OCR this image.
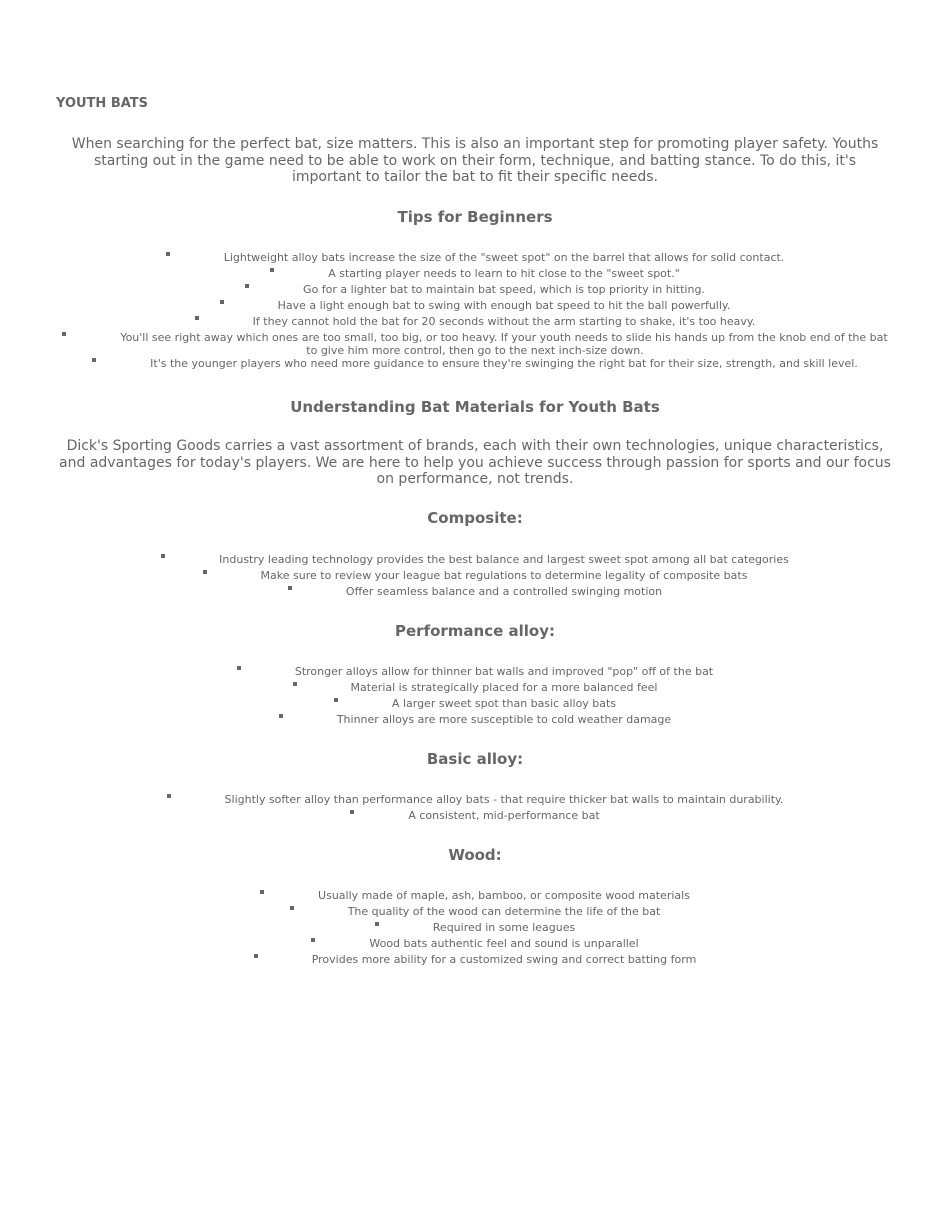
YOUTH BATS

When searching for the perfect bat, size matters. This is also an important step for promoting player safety. Youths starting out in the game need to be able to work on their form, technique, and batting stance. To do this, it's important to tailor the bat to fit their specific needs.

Tips for Beginners
Lightweight alloy bats increase the size of the "sweet spot" on the barrel that allows for solid contact.
A starting player needs to learn to hit close to the "sweet spot."
Go for a lighter bat to maintain bat speed, which is top priority in hitting.
Have a light enough bat to swing with enough bat speed to hit the ball powerfully.
If they cannot hold the bat for 20 seconds without the arm starting to shake, it's too heavy.
You'll see right away which ones are too small, too big, or too heavy. If your youth needs to slide his hands up from the knob end of the bat to give him more control, then go to the next inch-size down.
It's the younger players who need more guidance to ensure they're swinging the right bat for their size, strength, and skill level.
Understanding Bat Materials for Youth Bats

Dick's Sporting Goods carries a vast assortment of brands, each with their own technologies, unique characteristics, and advantages for today's players. We are here to help you achieve success through passion for sports and our focus on performance, not trends.

Composite:
Industry leading technology provides the best balance and largest sweet spot among all bat categories
Make sure to review your league bat regulations to determine legality of composite bats
Offer seamless balance and a controlled swinging motion
Performance alloy:
Stronger alloys allow for thinner bat walls and improved "pop" off of the bat
Material is strategically placed for a more balanced feel
A larger sweet spot than basic alloy bats
Thinner alloys are more susceptible to cold weather damage
Basic alloy:
Slightly softer alloy than performance alloy bats - that require thicker bat walls to maintain durability.
A consistent, mid-performance bat
Wood:
Usually made of maple, ash, bamboo, or composite wood materials
The quality of the wood can determine the life of the bat
Required in some leagues
Wood bats authentic feel and sound is unparallel
Provides more ability for a customized swing and correct batting form
